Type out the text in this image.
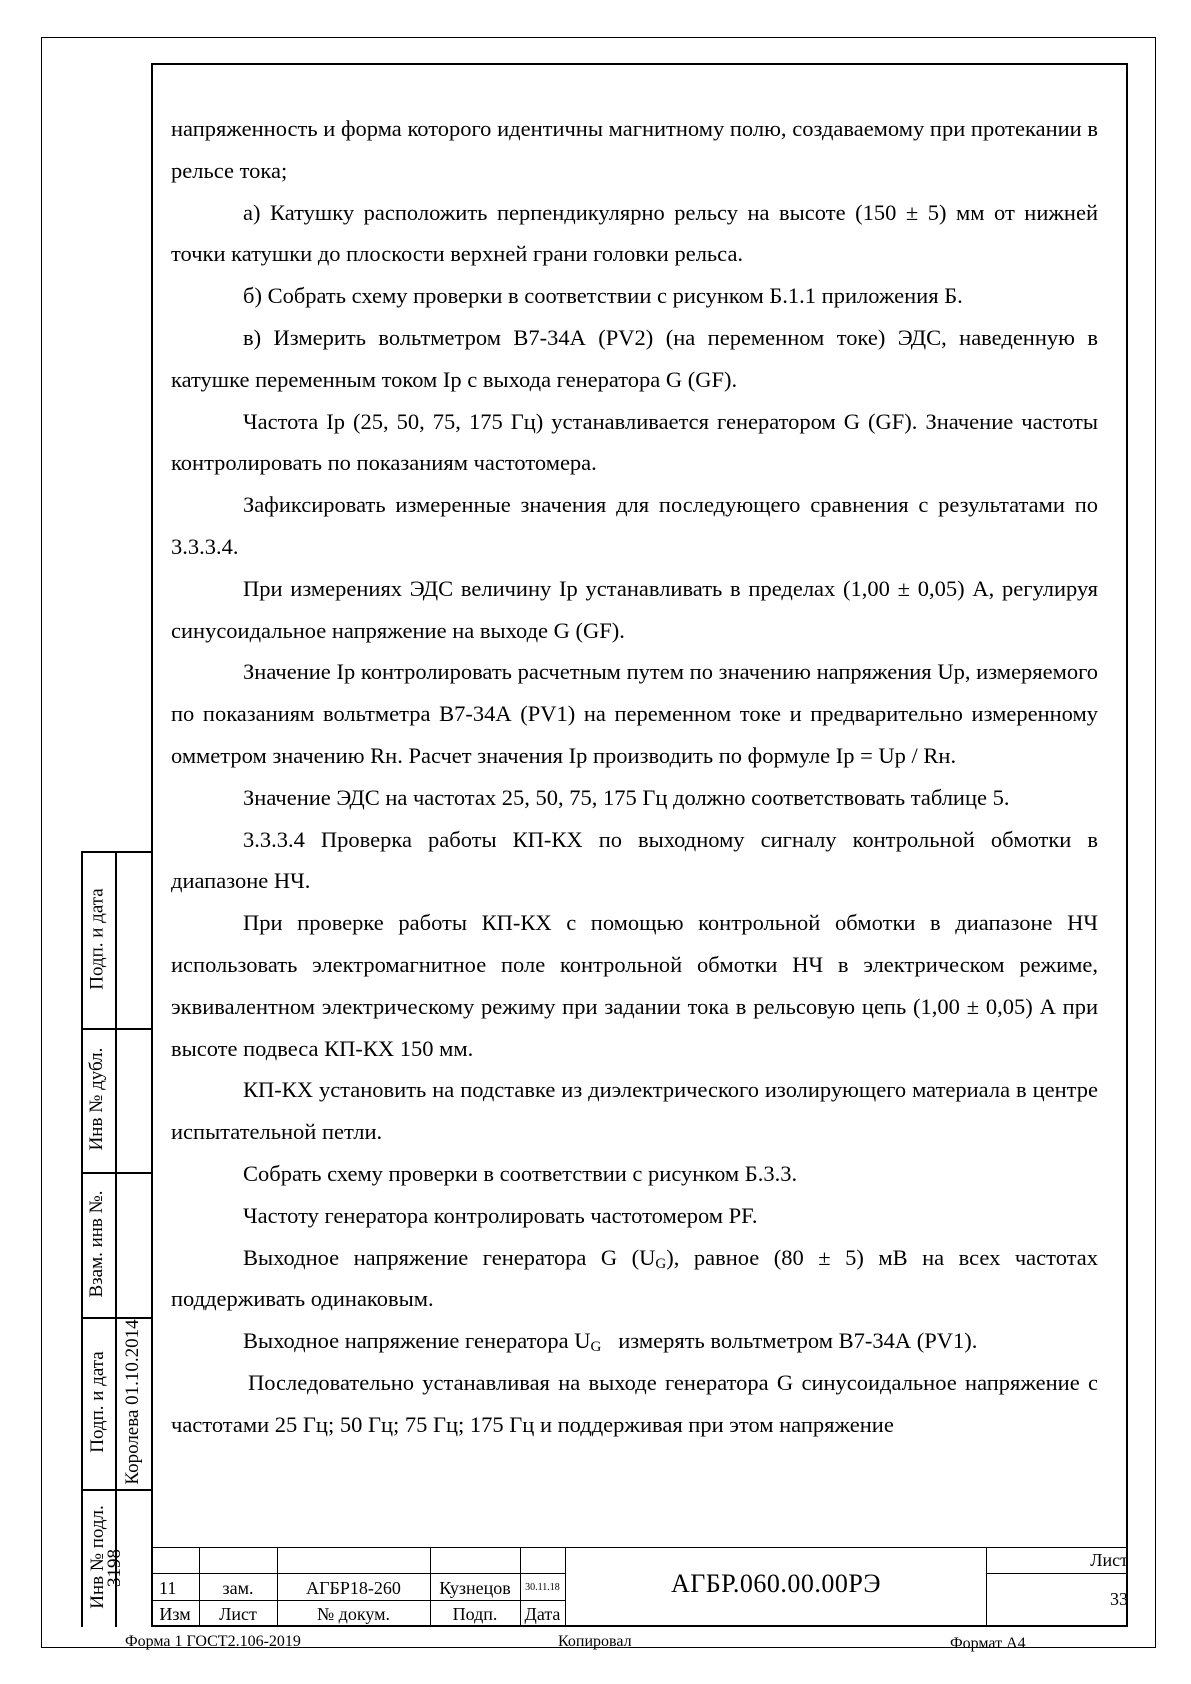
напряженность и форма которого идентичны магнитному полю, создаваемому при протекании в рельсе тока;

а) Катушку расположить перпендикулярно рельсу на высоте (150 ± 5) мм от нижней точки катушки до плоскости верхней грани головки рельса.

б) Собрать схему проверки в соответствии с рисунком Б.1.1 приложения Б.

в) Измерить вольтметром В7-34А (PV2) (на переменном токе) ЭДС, наведенную в катушке переменным током Iр с выхода генератора G (GF).

Частота Iр (25, 50, 75, 175 Гц) устанавливается генератором G (GF). Значение частоты контролировать по показаниям частотомера.

Зафиксировать измеренные значения для последующего сравнения с результатами по 3.3.3.4.

При измерениях ЭДС величину Iр устанавливать в пределах (1,00 ± 0,05) А, регулируя синусоидальное напряжение на выходе G (GF).

Значение Iр контролировать расчетным путем по значению напряжения Uр, измеряемого по показаниям вольтметра В7-34А (PV1) на переменном токе и предварительно измеренному омметром значению Rн. Расчет значения Iр производить по формуле Iр = Uр / Rн.

Значение ЭДС на частотах 25, 50, 75, 175 Гц должно соответствовать таблице 5.

3.3.3.4 Проверка работы КП-КХ по выходному сигналу контрольной обмотки в диапазоне НЧ.

При проверке работы КП-КХ с помощью контрольной обмотки в диапазоне НЧ использовать электромагнитное поле контрольной обмотки НЧ в электрическом режиме, эквивалентном электрическому режиму при задании тока в рельсовую цепь (1,00 ± 0,05) А при высоте подвеса КП-КХ 150 мм.

КП-КХ установить на подставке из диэлектрического изолирующего материала в центре испытательной петли.

Собрать схему проверки в соответствии с рисунком Б.3.3.

Частоту генератора контролировать частотомером PF.

Выходное напряжение генератора G $(U_G)$, равное (80 ± 5) мВ на всех частотах поддерживать одинаковым.

Выходное напряжение генератора $U_G$   измерять вольтметром В7-34А (PV1).

Последовательно устанавливая на выходе генератора G синусоидальное напряжение с частотами 25 Гц; 50 Гц; 75 Гц; 175 Гц и поддерживая при этом напряжение

Подп. и дата
Инв № дубл.
Взам. инв №.
Подп. и дата Королева 01.10.2014
Инв № подл.
3198
11	зам.	АГБР18-260	Кузнецов	30.11.18
Изм	Лист	№ докум.	Подп.	Дата
АГБР.060.00.00РЭ
Лист
33
Форма 1 ГОСТ2.106-2019	Копировал	Формат А4
